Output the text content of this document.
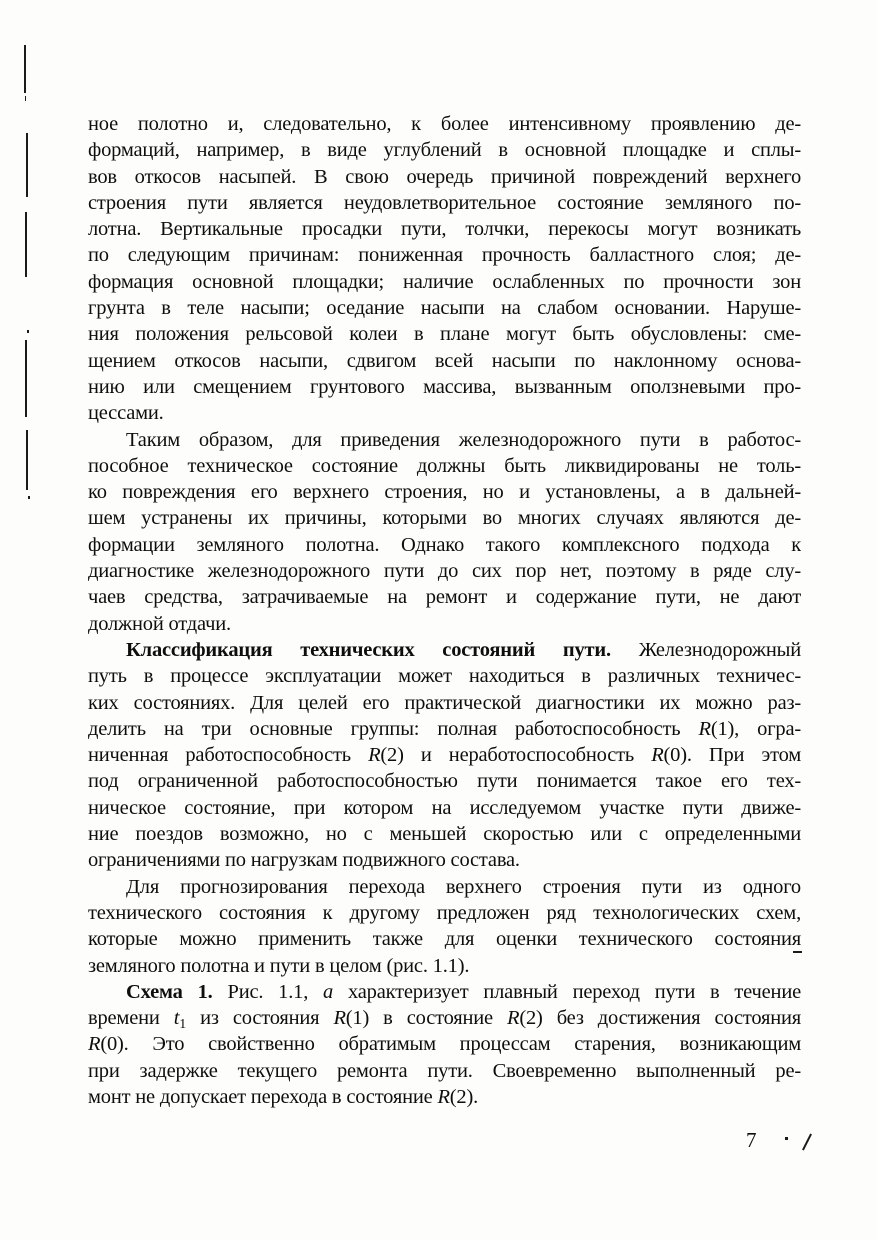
ное полотно и, следовательно, к более интенсивному проявлению де-
формаций, например, в виде углублений в основной площадке и сплы-
вов откосов насыпей. В свою очередь причиной повреждений верхнего
строения пути является неудовлетворительное состояние земляного по-
лотна. Вертикальные просадки пути, толчки, перекосы могут возникать
по следующим причинам: пониженная прочность балластного слоя; де-
формация основной площадки; наличие ослабленных по прочности зон
грунта в теле насыпи; оседание насыпи на слабом основании. Наруше-
ния положения рельсовой колеи в плане могут быть обусловлены: сме-
щением откосов насыпи, сдвигом всей насыпи по наклонному основа-
нию или смещением грунтового массива, вызванным оползневыми про-
цессами.
Таким образом, для приведения железнодорожного пути в работос-
пособное техническое состояние должны быть ликвидированы не толь-
ко повреждения его верхнего строения, но и установлены, а в дальней-
шем устранены их причины, которыми во многих случаях являются де-
формации земляного полотна. Однако такого комплексного подхода к
диагностике железнодорожного пути до сих пор нет, поэтому в ряде слу-
чаев средства, затрачиваемые на ремонт и содержание пути, не дают
должной отдачи.
Классификация технических состояний пути. Железнодорожный
путь в процессе эксплуатации может находиться в различных техничес-
ких состояниях. Для целей его практической диагностики их можно раз-
делить на три основные группы: полная работоспособность R(1), огра-
ниченная работоспособность R(2) и неработоспособность R(0). При этом
под ограниченной работоспособностью пути понимается такое его тех-
ническое состояние, при котором на исследуемом участке пути движе-
ние поездов возможно, но с меньшей скоростью или с определенными
ограничениями по нагрузкам подвижного состава.
Для прогнозирования перехода верхнего строения пути из одного
технического состояния к другому предложен ряд технологических схем,
которые можно применить также для оценки технического состояния
земляного полотна и пути в целом (рис. 1.1).
Схема 1. Рис. 1.1, а характеризует плавный переход пути в течение
времени $t_1$ из состояния R(1) в состояние R(2) без достижения состояния
R(0). Это свойственно обратимым процессам старения, возникающим
при задержке текущего ремонта пути. Своевременно выполненный ре-
монт не допускает перехода в состояние R(2).
7
